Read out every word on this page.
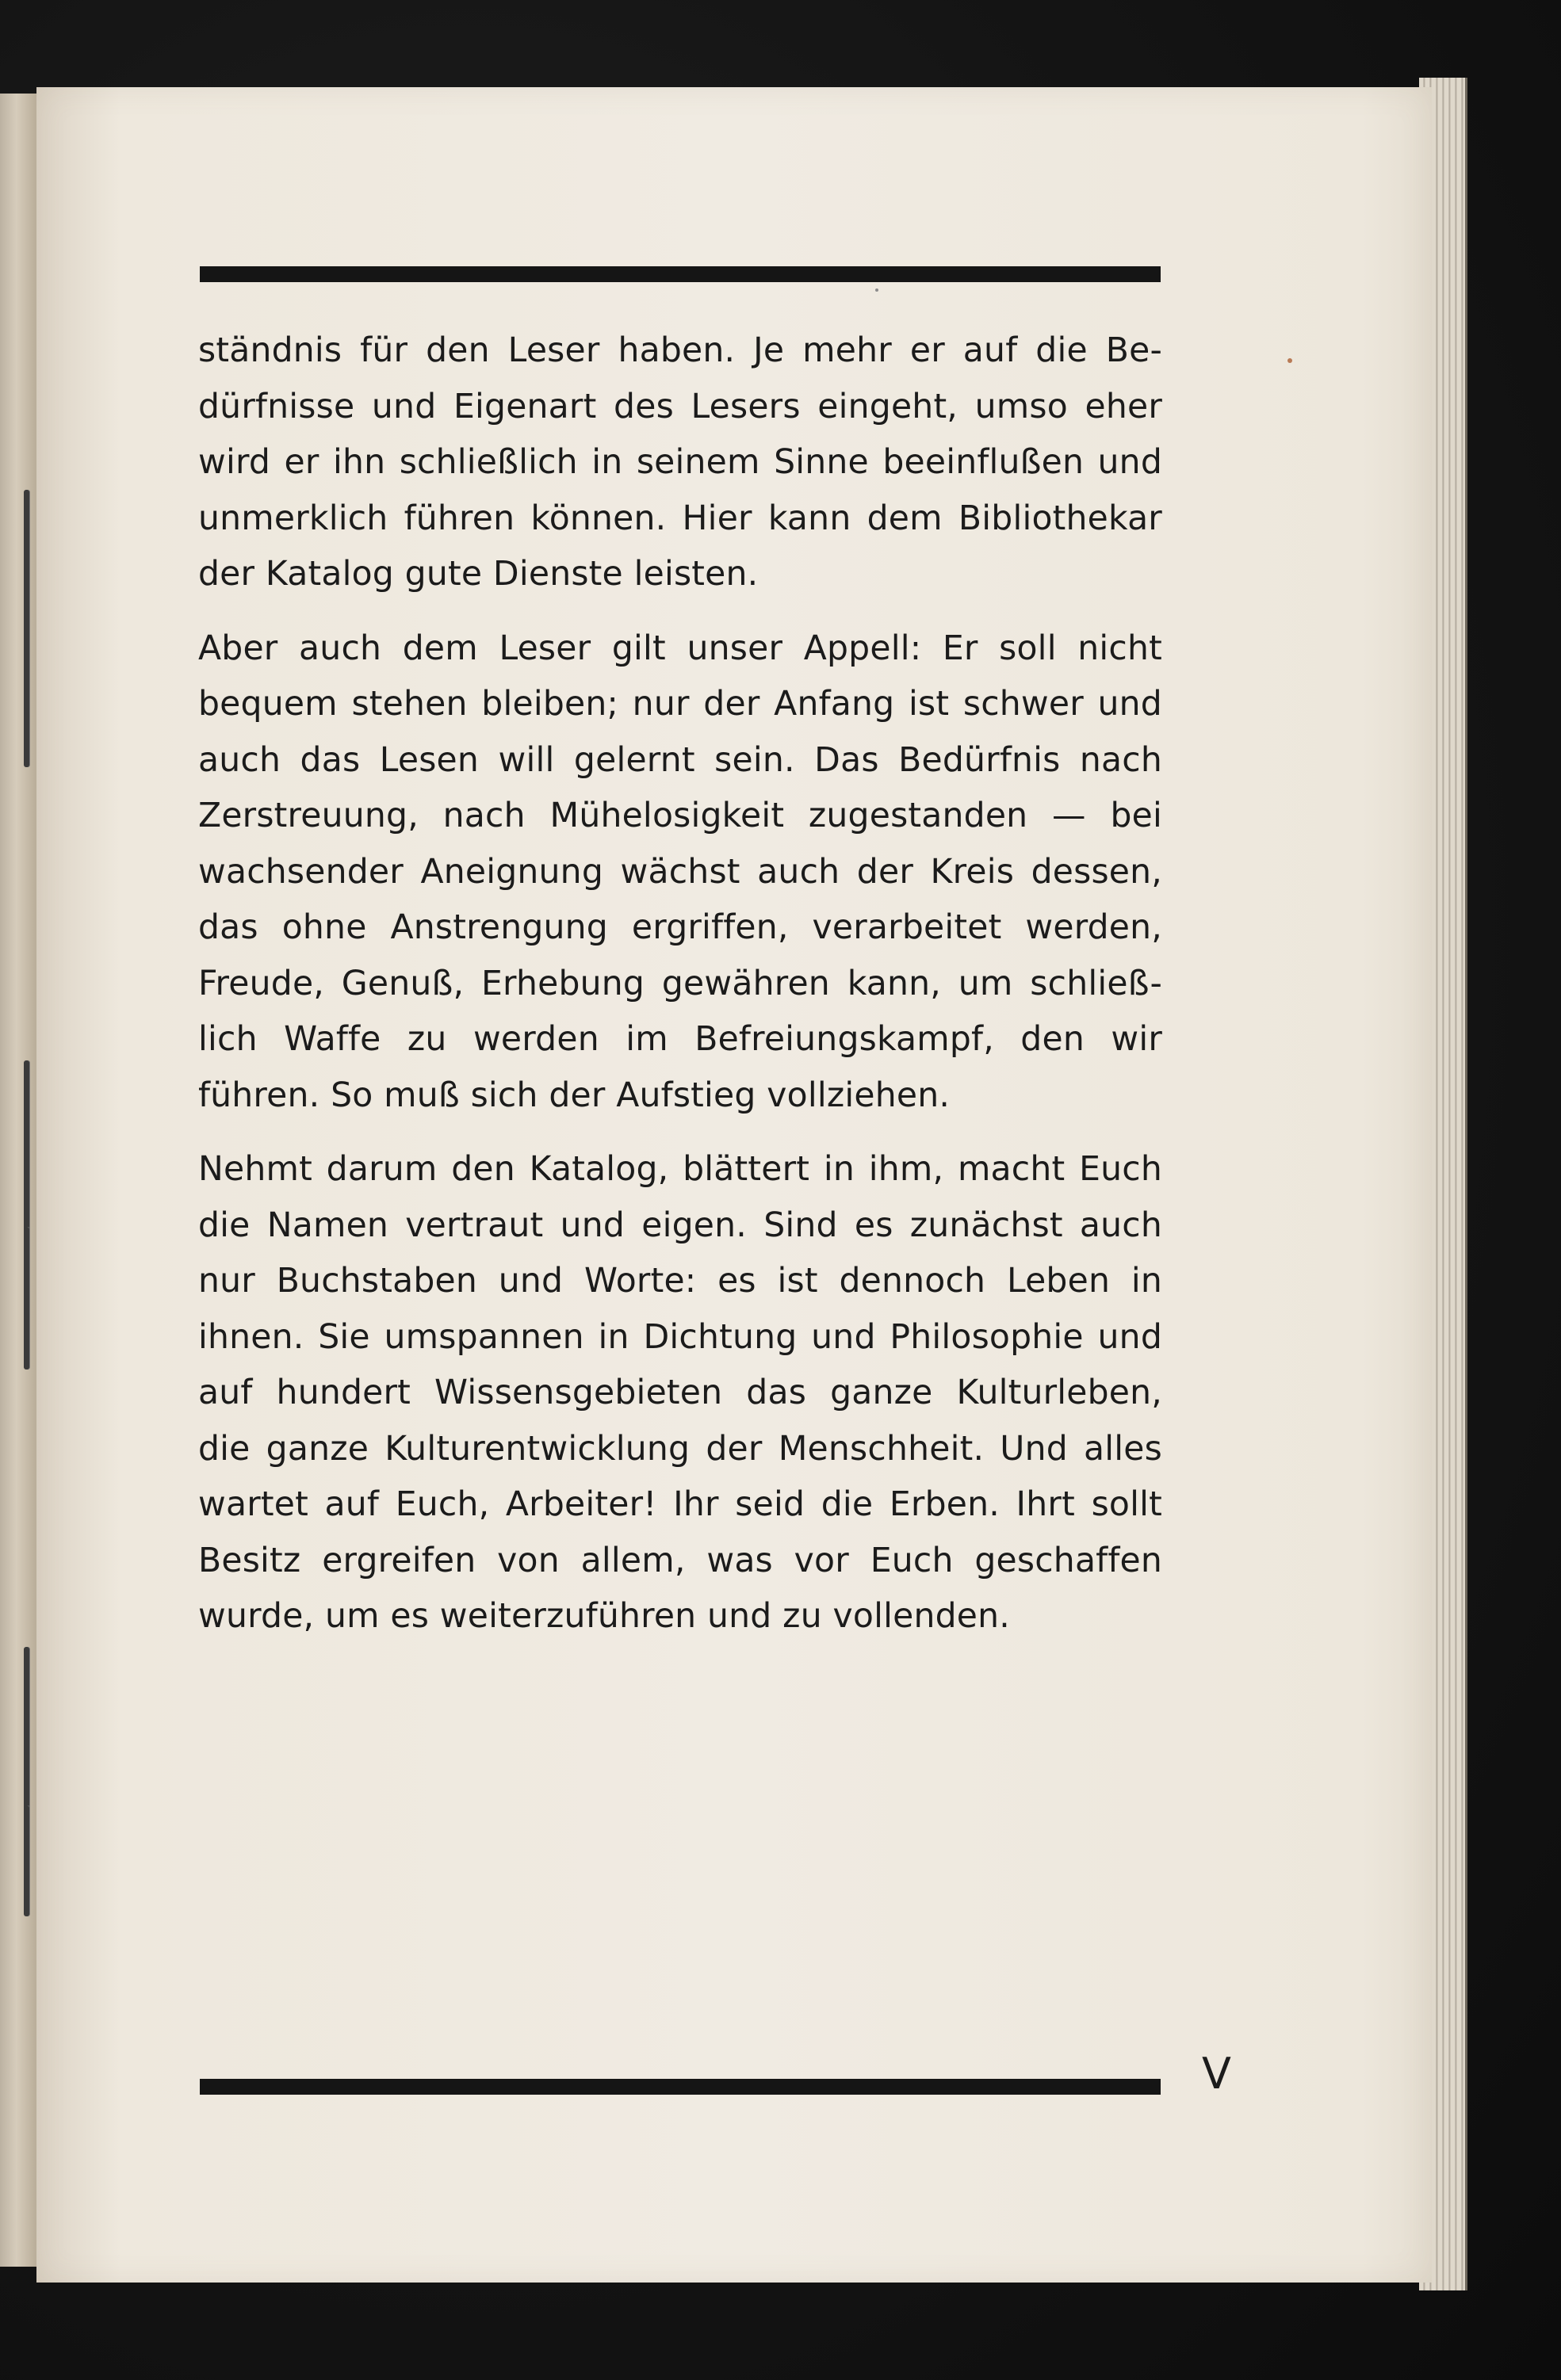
ständnis für den Leser haben. Je mehr er auf die Be-
dürfnisse und Eigenart des Lesers eingeht, umso eher
wird er ihn schließlich in seinem Sinne beeinflußen und
unmerklich führen können. Hier kann dem Bibliothekar
der Katalog gute Dienste leisten.
Aber auch dem Leser gilt unser Appell: Er soll nicht
bequem stehen bleiben; nur der Anfang ist schwer und
auch das Lesen will gelernt sein. Das Bedürfnis nach
Zerstreuung, nach Mühelosigkeit zugestanden — bei
wachsender Aneignung wächst auch der Kreis dessen,
das ohne Anstrengung ergriffen, verarbeitet werden,
Freude, Genuß, Erhebung gewähren kann, um schließ-
lich Waffe zu werden im Befreiungskampf, den wir
führen. So muß sich der Aufstieg vollziehen.
Nehmt darum den Katalog, blättert in ihm, macht Euch
die Namen vertraut und eigen. Sind es zunächst auch
nur Buchstaben und Worte: es ist dennoch Leben in
ihnen. Sie umspannen in Dichtung und Philosophie und
auf hundert Wissensgebieten das ganze Kulturleben,
die ganze Kulturentwicklung der Menschheit. Und alles
wartet auf Euch, Arbeiter! Ihr seid die Erben. Ihrt sollt
Besitz ergreifen von allem, was vor Euch geschaffen
wurde, um es weiterzuführen und zu vollenden.
V
